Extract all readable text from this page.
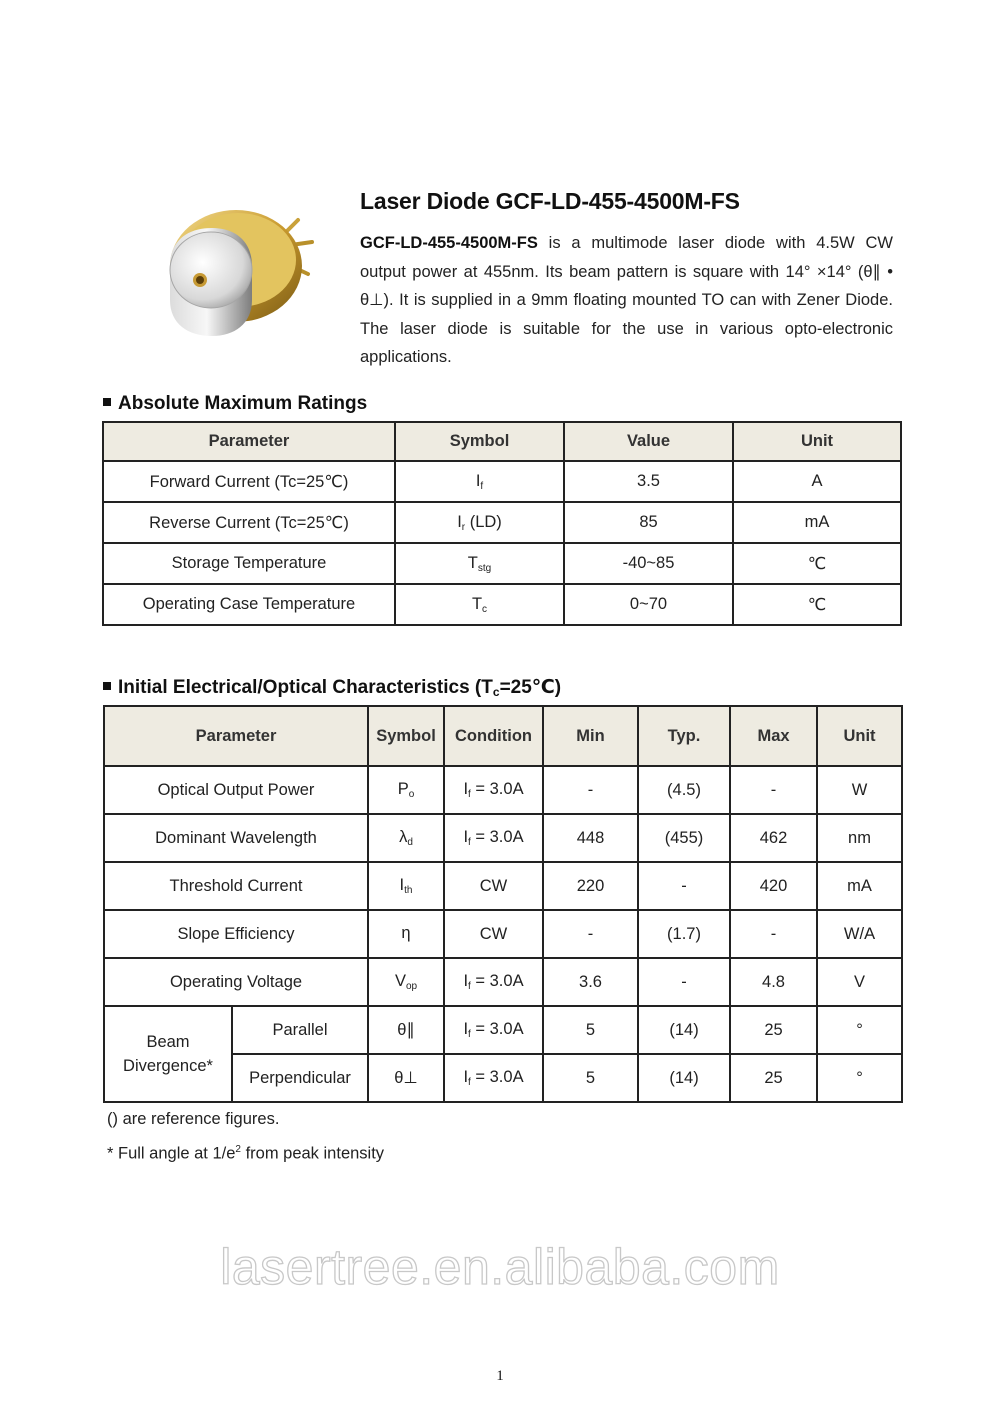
Laser Diode GCF-LD-455-4500M-FS
GCF-LD-455-4500M-FS is a multimode laser diode with 4.5W CW output power at 455nm. Its beam pattern is square with 14° ×14° (θ∥ • θ⊥). It is supplied in a 9mm floating mounted TO can with Zener Diode. The laser diode is suitable for the use in various opto-electronic applications.
Absolute Maximum Ratings
Parameter	Symbol	Value	Unit
Forward Current (Tc=25℃)	$I_f$	3.5	A
Reverse Current (Tc=25℃)	$I_r$ (LD)	85	mA
Storage Temperature	$T_{stg}$	-40~85	℃
Operating Case Temperature	$T_c$	0~70	℃
Initial Electrical/Optical Characteristics $(T_c=25℃)$
Parameter		Symbol	Condition	Min	Typ.	Max	Unit
Optical Output Power		$P_o$	$I_f = 3.0A$	-	(4.5)	-	W
Dominant Wavelength		$\lambda_d$	$I_f = 3.0A$	448	(455)	462	nm
Threshold Current		$I_{th}$	CW	220	-	420	mA
Slope Efficiency		η	CW	-	(1.7)	-	W/A
Operating Voltage		$V_{op}$	$I_f = 3.0A$	3.6	-	4.8	V
Beam Divergence*	Parallel	θ∥	$I_f = 3.0A$	5	(14)	25	°
	Perpendicular	θ⊥	$I_f = 3.0A$	5	(14)	25	°
() are reference figures.
* Full angle at $1/e^2$ from peak intensity
lasertree.en.alibaba.com
1
